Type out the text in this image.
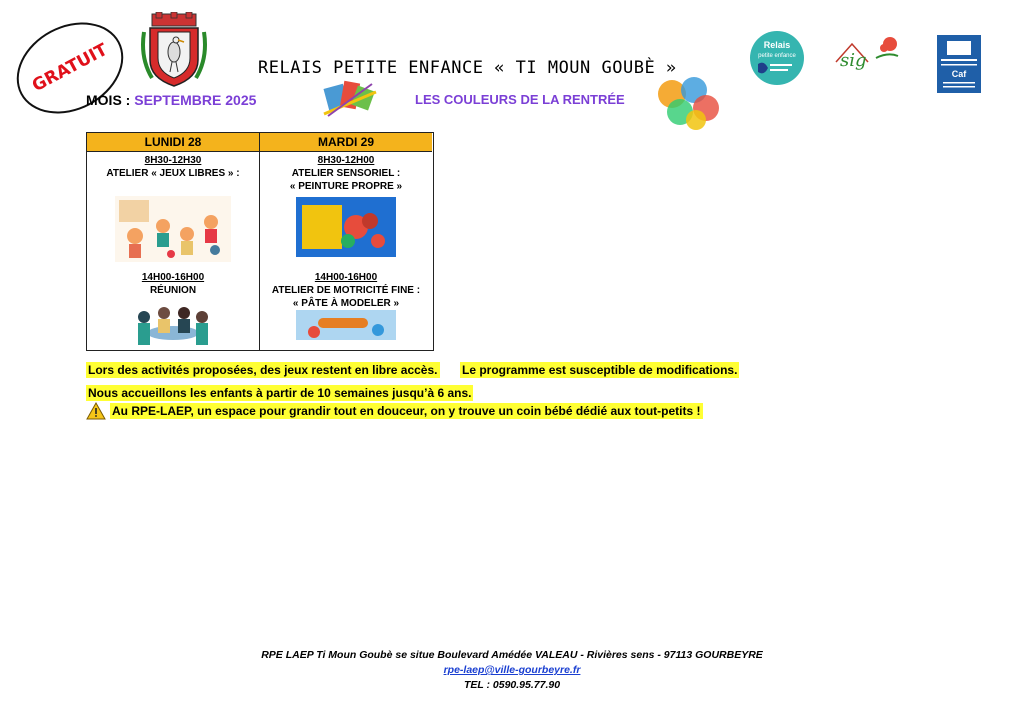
GRATUIT	RELAIS PETITE ENFANCE « TI MOUN GOUBÈ »
MOIS : SEPTEMBRE 2025	LES COULEURS DE LA RENTRÉE
Relais
petite enfance sig
Caf
LUNIDI 28
8H30-12H30
ATELIER « JEUX LIBRES » :
14H00-16H00
RÉUNION
MARDI 29
8H30-12H00
ATELIER SENSORIEL :
« PEINTURE PROPRE »
14H00-16H00
ATELIER DE MOTRICITÉ FINE :
« PÂTE À MODELER »
Lors des activités proposées, des jeux restent en libre accès. Le programme est susceptible de modifications.
Nous accueillons les enfants à partir de 10 semaines jusqu’à 6 ans.
Au RPE-LAEP, un espace pour grandir tout en douceur, on y trouve un coin bébé dédié aux tout-petits !
RPE LAEP Ti Moun Goubè se situe Boulevard Amédée VALEAU - Rivières sens - 97113 GOURBEYRE
rpe-laep@ville-gourbeyre.fr
TEL : 0590.95.77.90
